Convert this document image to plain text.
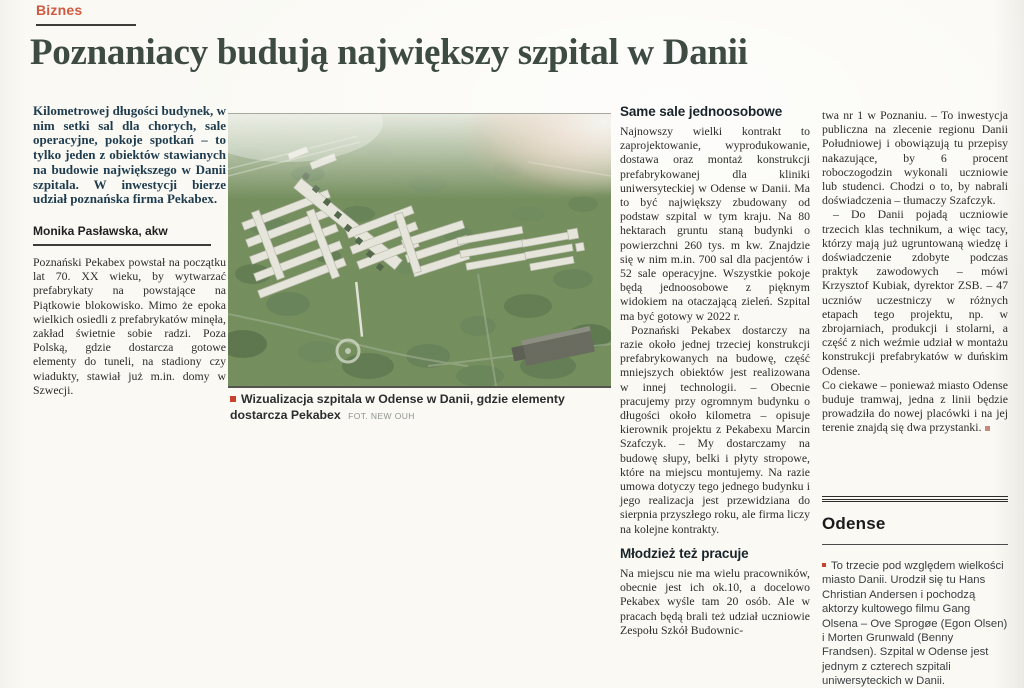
Biznes
Poznaniacy budują największy szpital w Danii

Kilometrowej długości budynek, w nim setki sal dla chorych, sale operacyjne, pokoje spotkań – to tylko jeden z obiektów stawianych na budowie największego w Danii szpitala. W inwestycji bierze udział poznańska firma Pekabex.

Monika Pasławska, akw

Poznański Pekabex powstał na początku lat 70. XX wieku, by wytwarzać prefabrykaty na powstające na Piątkowie blokowisko. Mimo że epoka wielkich osiedli z prefabrykatów minęła, zakład świetnie sobie radzi. Poza Polską, gdzie dostarcza gotowe elementy do tuneli, na stadiony czy wiadukty, stawiał już m.in. domy w Szwecji.

Wizualizacja szpitala w Odense w Danii, gdzie elementy dostarcza Pekabex FOT. NEW OUH
Same sale jednoosobowe

Najnowszy wielki kontrakt to zaprojektowanie, wyprodukowanie, dostawa oraz montaż konstrukcji prefabrykowanej dla kliniki uniwersyteckiej w Odense w Danii. Ma to być największy zbudowany od podstaw szpital w tym kraju. Na 80 hektarach gruntu staną budynki o powierzchni 260 tys. m kw. Znajdzie się w nim m.in. 700 sal dla pacjentów i 52 sale operacyjne. Wszystkie pokoje będą jednoosobowe z pięknym widokiem na otaczającą zieleń. Szpital ma być gotowy w 2022 r.

Poznański Pekabex dostarczy na razie około jednej trzeciej konstrukcji prefabrykowanych na budowę, część mniejszych obiektów jest realizowana w innej technologii. – Obecnie pracujemy przy ogromnym budynku o długości około kilometra – opisuje kierownik projektu z Pekabexu Marcin Szafczyk. – My dostarczamy na budowę słupy, belki i płyty stropowe, które na miejscu montujemy. Na razie umowa dotyczy tego jednego budynku i jego realizacja jest przewidziana do sierpnia przyszłego roku, ale firma liczy na kolejne kontrakty.

Młodzież też pracuje

Na miejscu nie ma wielu pracowników, obecnie jest ich ok.10, a docelowo Pekabex wyśle tam 20 osób. Ale w pracach będą brali też udział uczniowie Zespołu Szkół Budownic-

twa nr 1 w Poznaniu. – To inwestycja publiczna na zlecenie regionu Danii Południowej i obowiązują tu przepisy nakazujące, by 6 procent roboczogodzin wykonali uczniowie lub studenci. Chodzi o to, by nabrali doświadczenia – tłumaczy Szafczyk.

– Do Danii pojadą uczniowie trzecich klas technikum, a więc tacy, którzy mają już ugruntowaną wiedzę i doświadczenie zdobyte podczas praktyk zawodowych – mówi Krzysztof Kubiak, dyrektor ZSB. – 47 uczniów uczestniczy w różnych etapach tego projektu, np. w zbrojarniach, produkcji i stolarni, a część z nich weźmie udział w montażu konstrukcji prefabrykatów w duńskim Odense.

Co ciekawe – ponieważ miasto Odense buduje tramwaj, jedna z linii będzie prowadziła do nowej placówki i na jej terenie znajdą się dwa przystanki.

Odense

To trzecie pod względem wielkości miasto Danii. Urodził się tu Hans Christian Andersen i pochodzą aktorzy kultowego filmu Gang Olsena – Ove Sprogøe (Egon Olsen) i Morten Grunwald (Benny Frandsen). Szpital w Odense jest jednym z czterech szpitali uniwersyteckich w Danii.
